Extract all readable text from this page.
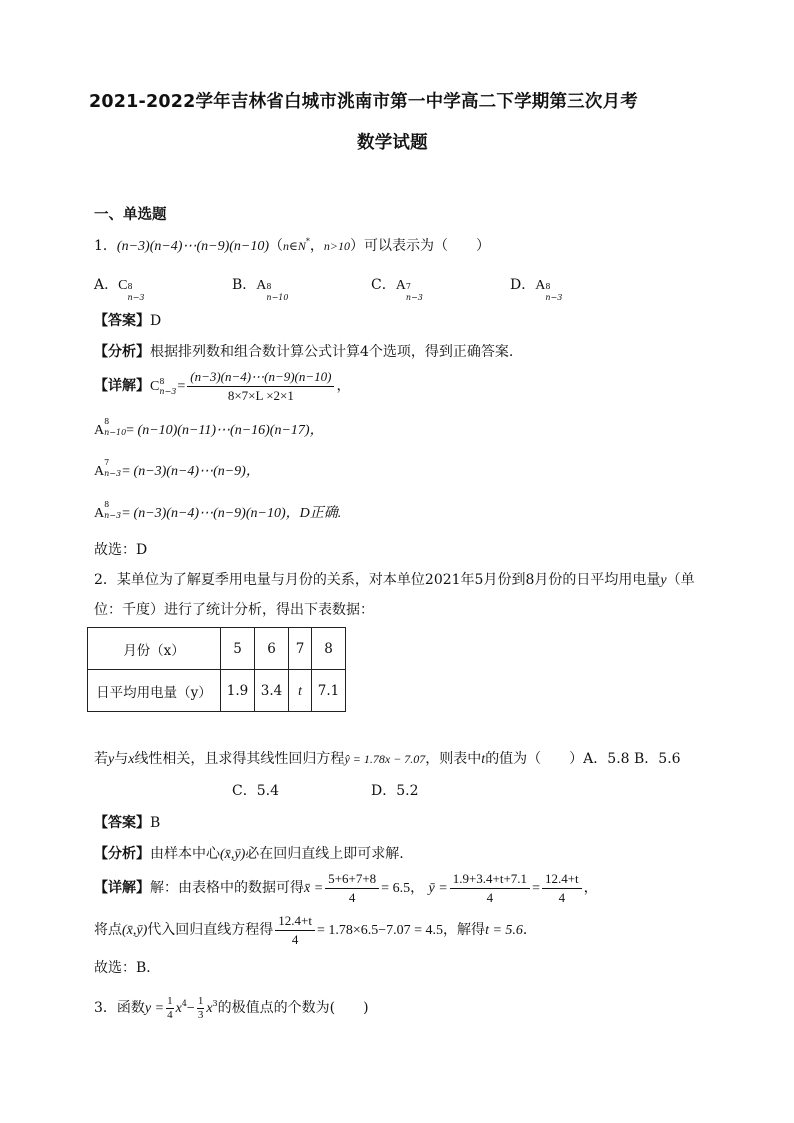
2021-2022学年吉林省白城市洮南市第一中学高二下学期第三次月考
数学试题
一、单选题
1．(n−3)(n−4)⋯(n−9)(n−10)（n∈N*，n>10）可以表示为（　　）
A．C 8
n−3
B．A 8
n−10
C．A 7
n−3
D．A 8
n−3
【答案】D
【分析】根据排列数和组合数计算公式计算4个选项，得到正确答案.
【详解】C 8
$n-3 = \frac{(n-3)(n-4)\cdots(n-9)(n-10)}{8\times 7\times L \times 2\times 1}$ ，
A
8
n−10 = (n−10)(n−11)⋯(n−16)(n−17)，
A
7
n−3 = (n−3)(n−4)⋯(n−9)，
A
8
n−3 = (n−3)(n−4)⋯(n−9)(n−10)，D正确.
故选：D
2．某单位为了解夏季用电量与月份的关系，对本单位2021年5月份到8月份的日平均用电量y（单
位：千度）进行了统计分析，得出下表数据：
月份（x）	5	6	7	8
日平均用电量（y）	1.9	3.4	t	7.1
若y与x线性相关，且求得其线性回归方程ŷ = 1.78x − 7.07，则表中t的值为（　　）A．5.8 B．5.6
C．5.4	D．5.2
【答案】B
【分析】由样本中心(x̄,ȳ)必在回归直线上即可求解.
【详解】解：由表格中的数据可得x̄ = $\frac{5+6+7+8}{4} = 6.5$， ȳ = $\frac{1.9+3.4+t+7.1}{4} = \frac{12.4+t}{4}$ ，
将点(x̄,ȳ)代入回归直线方程得 $\frac{12.4+t}{4} = 1.78\times 6.5-7.07 = 4.5$，解得t = 5.6．
故选：B．
3．函数$y = \frac{1}{4} x^4- \frac{1}{3} x^3$的极值点的个数为(　　)
